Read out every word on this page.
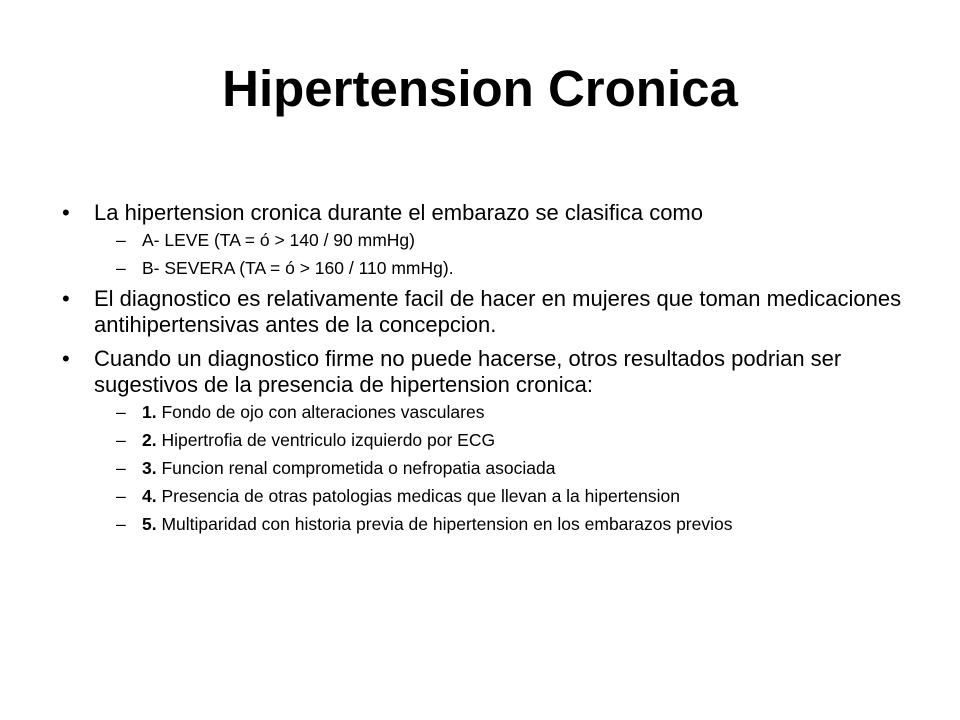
Hipertension Cronica
• La hipertension cronica durante el embarazo se clasifica como
– A- LEVE (TA = ó > 140 / 90 mmHg)
– B- SEVERA (TA = ó > 160 / 110 mmHg).
• El diagnostico es relativamente facil de hacer en mujeres que toman medicaciones antihipertensivas antes de la concepcion.
• Cuando un diagnostico firme no puede hacerse, otros resultados podrian ser sugestivos de la presencia de hipertension cronica:
– 1. Fondo de ojo con alteraciones vasculares
– 2. Hipertrofia de ventriculo izquierdo por ECG
– 3. Funcion renal comprometida o nefropatia asociada
– 4. Presencia de otras patologias medicas que llevan a la hipertension
– 5. Multiparidad con historia previa de hipertension en los embarazos previos
